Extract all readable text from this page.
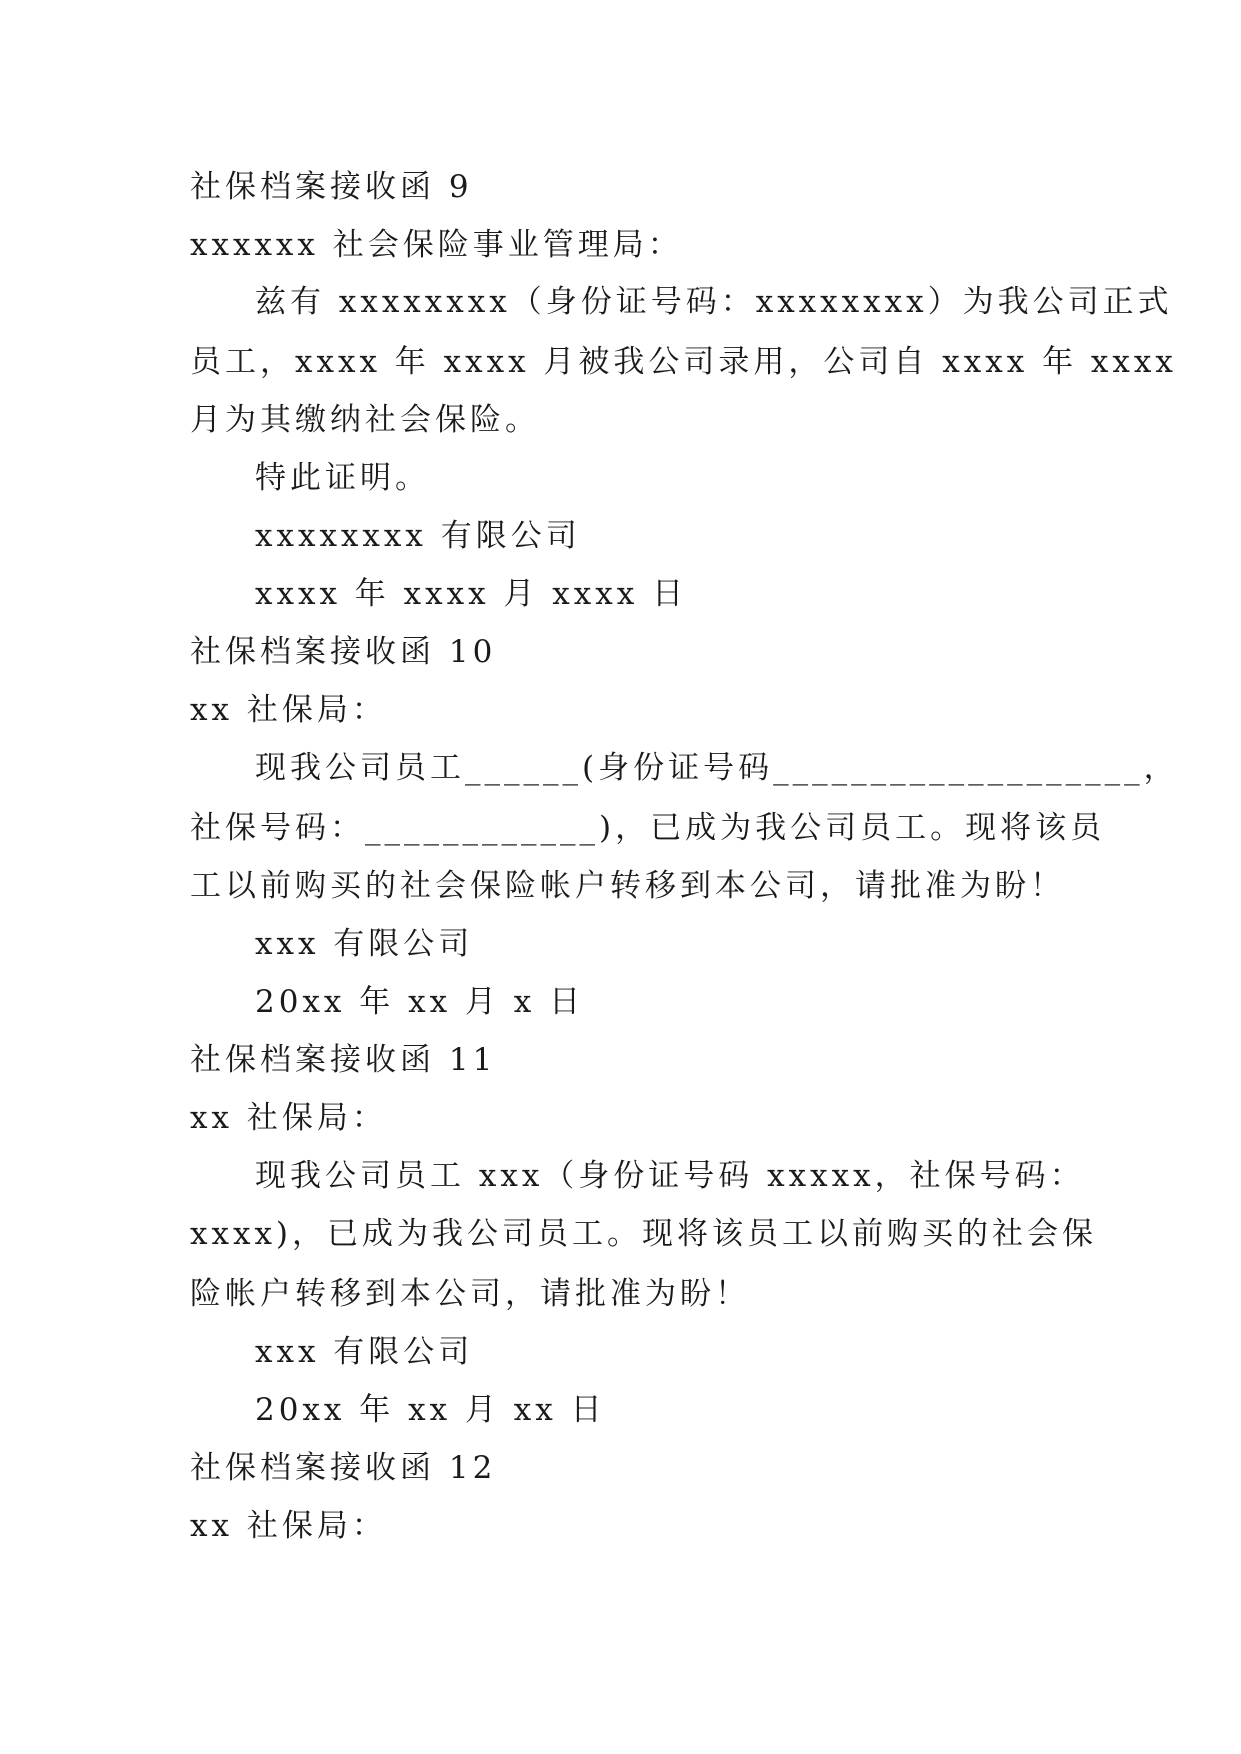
社保档案接收函 9
xxxxxx 社会保险事业管理局：
兹有 xxxxxxxx（身份证号码：xxxxxxxx）为我公司正式
员工，xxxx 年 xxxx 月被我公司录用，公司自 xxxx 年 xxxx
月为其缴纳社会保险。
特此证明。
xxxxxxxx 有限公司
xxxx 年 xxxx 月 xxxx 日
社保档案接收函 10
xx 社保局：
现我公司员工______(身份证号码___________________，
社保号码：____________)，已成为我公司员工。现将该员
工以前购买的社会保险帐户转移到本公司，请批准为盼！
xxx 有限公司
20xx 年 xx 月 x 日
社保档案接收函 11
xx 社保局：
现我公司员工 xxx（身份证号码 xxxxx，社保号码：
xxxx)，已成为我公司员工。现将该员工以前购买的社会保
险帐户转移到本公司，请批准为盼！
xxx 有限公司
20xx 年 xx 月 xx 日
社保档案接收函 12
xx 社保局：
